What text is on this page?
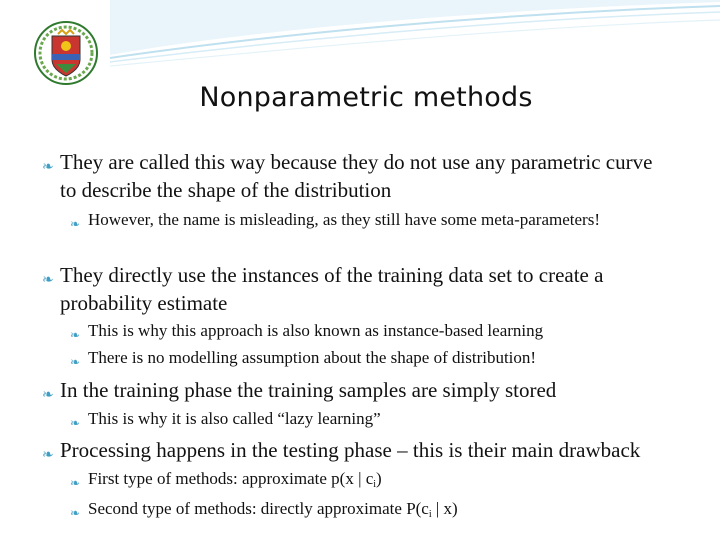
Nonparametric methods
❧ They are called this way because they do not use any parametric curve to describe the shape of the distribution
❧ However, the name is misleading, as they still have some meta-parameters!
❧ They directly use the instances of the training data set to create a probability estimate
❧ This is why this approach is also known as instance-based learning
❧ There is no modelling assumption about the shape of distribution!
❧ In the training phase the training samples are simply stored
❧ This is why it is also called “lazy learning”
❧ Processing happens in the testing phase – this is their main drawback
❧ First type of methods: approximate p(x | $c_i$)
❧ Second type of methods: directly approximate $P(c_i$ | x)
